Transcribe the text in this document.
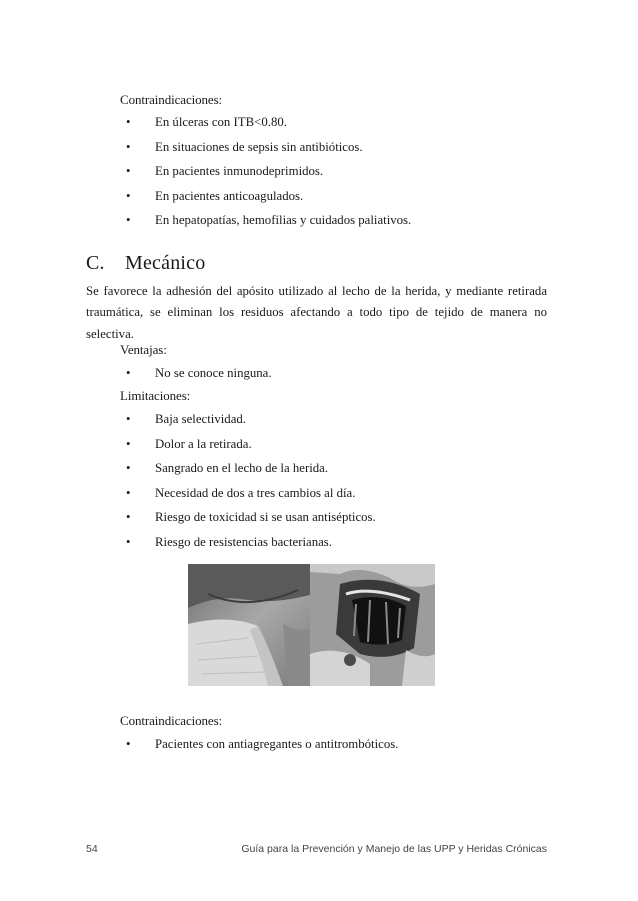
Contraindicaciones:
•	En úlceras con ITB<0.80.
•	En situaciones de sepsis sin antibióticos.
•	En pacientes inmunodeprimidos.
•	En pacientes anticoagulados.
•	En hepatopatías, hemofilias y cuidados paliativos.
C. Mecánico
Se favorece la adhesión del apósito utilizado al lecho de la herida, y mediante retirada traumática, se eliminan los residuos afectando a todo tipo de tejido de manera no selectiva.
Ventajas:
•	No se conoce ninguna.
Limitaciones:
•	Baja selectividad.
•	Dolor a la retirada.
•	Sangrado en el lecho de la herida.
•	Necesidad de dos a tres cambios al día.
•	Riesgo de toxicidad si se usan antisépticos.
•	Riesgo de resistencias bacterianas.
Contraindicaciones:
•	Pacientes con antiagregantes o antitrombóticos.
54	Guía para la Prevención y Manejo de las UPP y Heridas Crónicas
